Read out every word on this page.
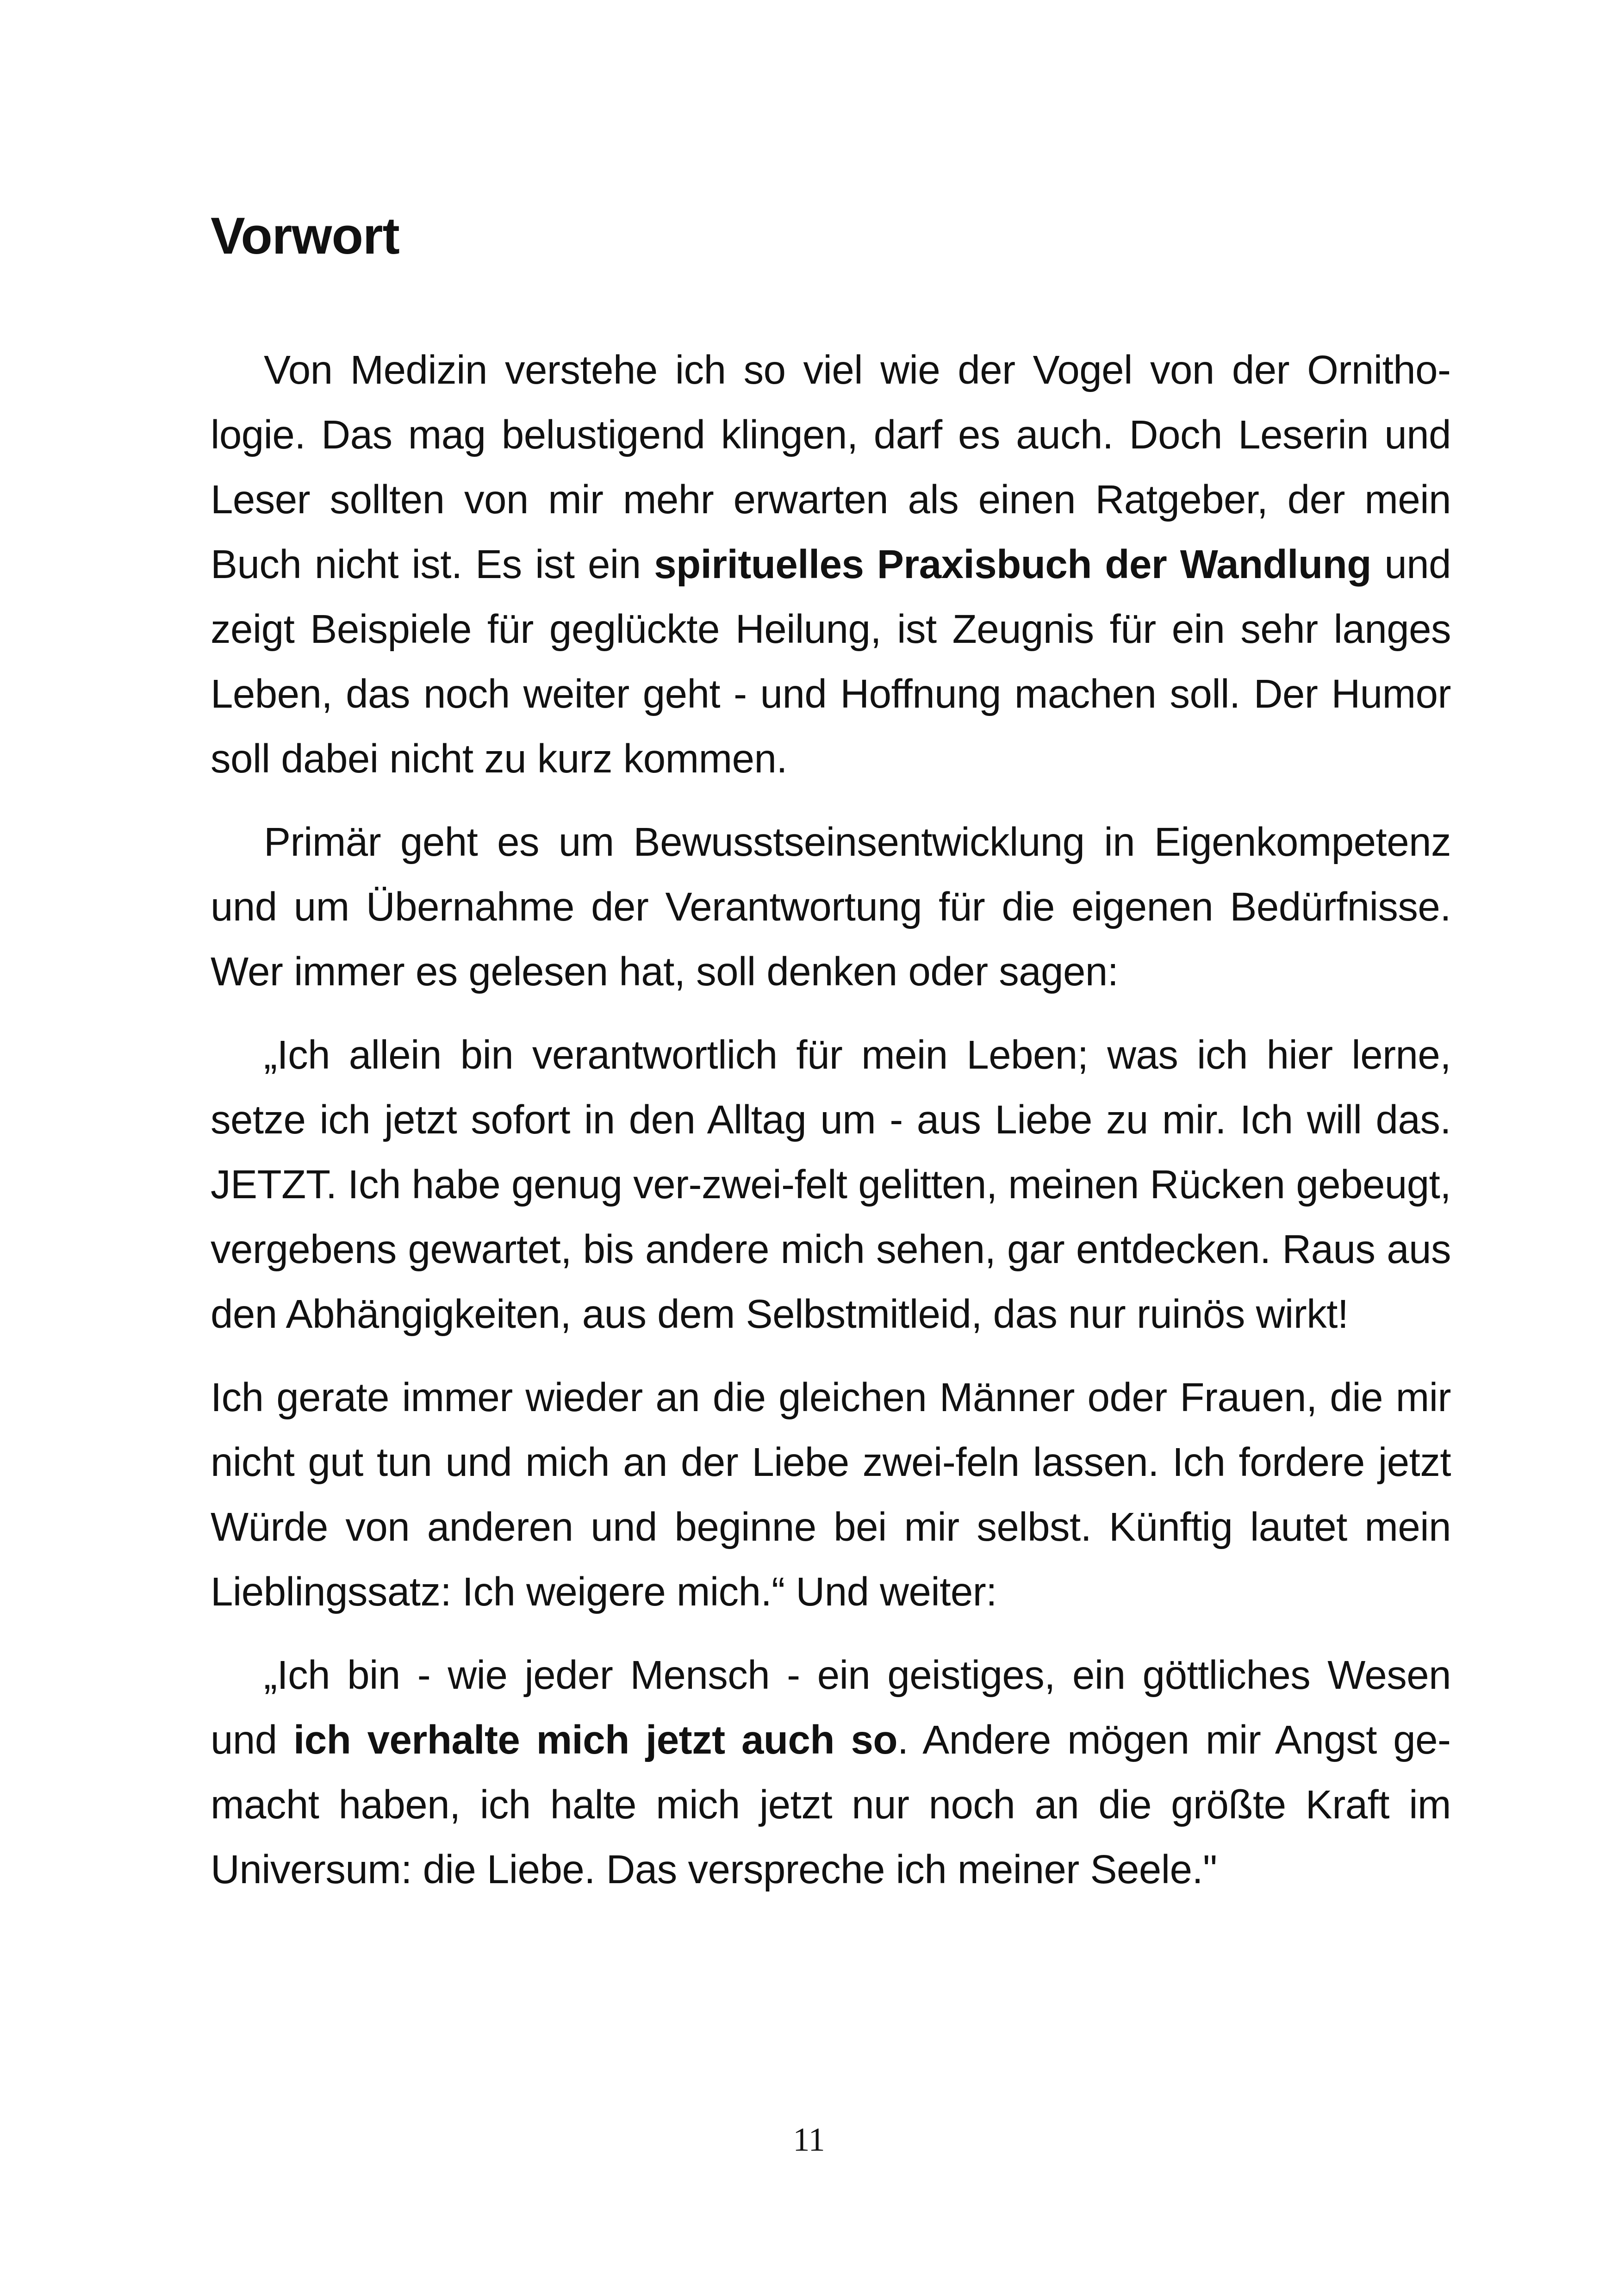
Vorwort

Von Medizin verstehe ich so viel wie der Vogel von der Ornithologie. Das mag belustigend klingen, darf es auch. Doch Leserin und Leser sollten von mir mehr erwarten als einen Ratgeber, der mein Buch nicht ist. Es ist ein spirituelles Praxisbuch der Wandlung und zeigt Beispiele für geglückte Heilung, ist Zeugnis für ein sehr langes Leben, das noch weiter geht - und Hoffnung machen soll. Der Humor soll dabei nicht zu kurz kommen.

Primär geht es um Bewusstseinsentwicklung in Eigenkompetenz und um Übernahme der Verantwortung für die eigenen Bedürfnisse. Wer immer es gelesen hat, soll denken oder sagen:

„Ich allein bin verantwortlich für mein Leben; was ich hier lerne, setze ich jetzt sofort in den Alltag um - aus Liebe zu mir. Ich will das. JETZT. Ich habe genug ver-zwei-felt gelitten, meinen Rücken gebeugt, vergebens gewartet, bis andere mich sehen, gar entdecken. Raus aus den Abhängigkeiten, aus dem Selbstmitleid, das nur ruinös wirkt!

Ich gerate immer wieder an die gleichen Männer oder Frauen, die mir nicht gut tun und mich an der Liebe zwei-feln lassen. Ich fordere jetzt Würde von anderen und beginne bei mir selbst. Künftig lautet mein Lieblingssatz: Ich weigere mich.“ Und weiter:

„Ich bin - wie jeder Mensch - ein geistiges, ein göttliches Wesen und ich verhalte mich jetzt auch so. Andere mögen mir Angst gemacht haben, ich halte mich jetzt nur noch an die größte Kraft im Universum: die Liebe. Das verspreche ich meiner Seele."

11
